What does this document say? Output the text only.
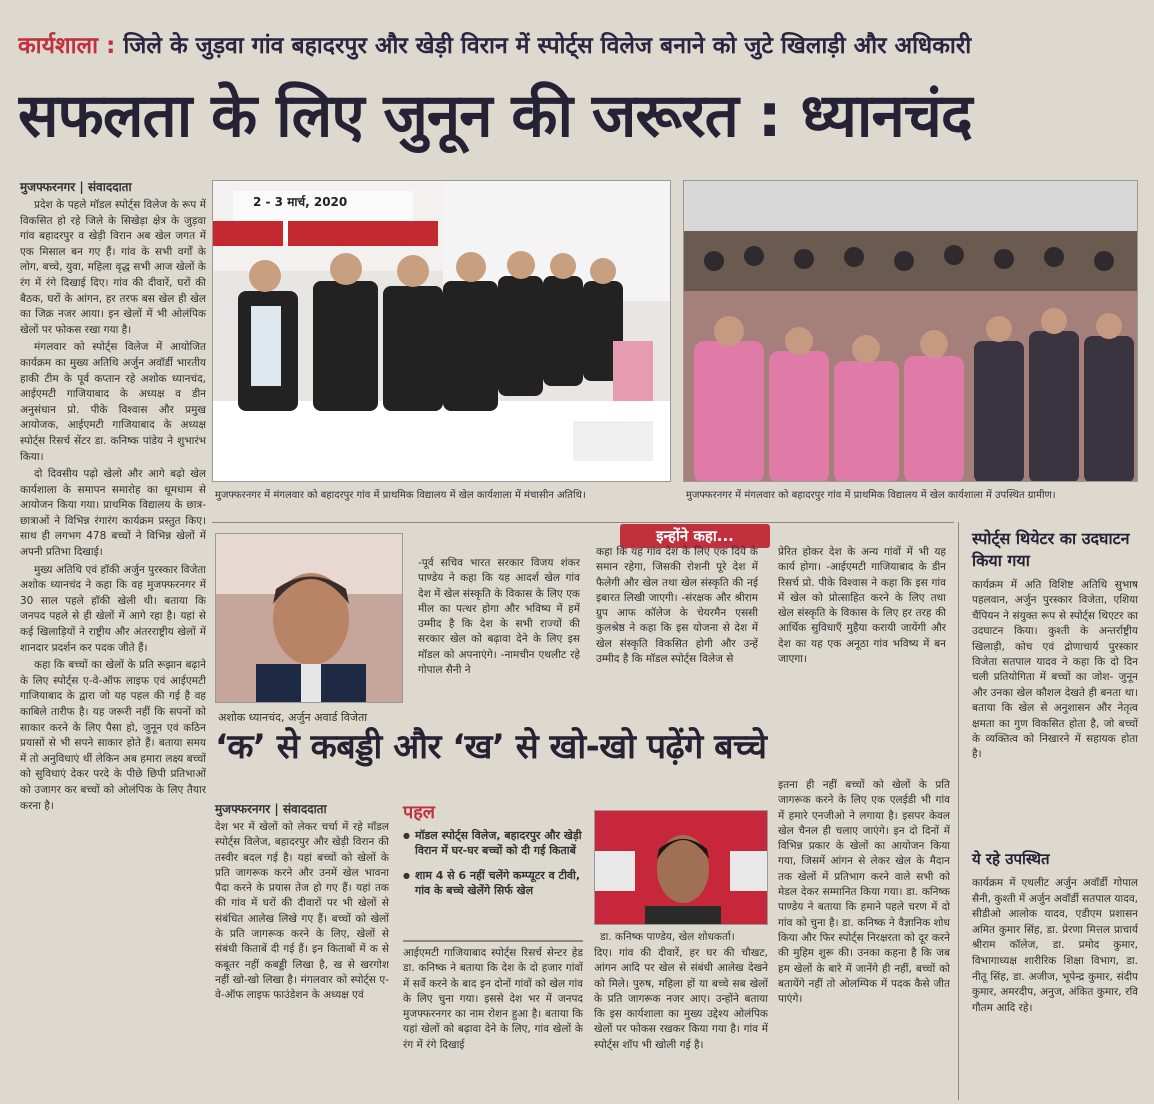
कार्यशाला : जिले के जुड़वा गांव बहादरपुर और खेड़ी विरान में स्पोर्ट्स विलेज बनाने को जुटे खिलाड़ी और अधिकारी
सफलता के लिए जुनून की जरूरत : ध्यानचंद
मुजफ्फरनगर | संवाददाता

प्रदेश के पहले मॉडल स्पोर्ट्स विलेज के रूप में विकसित हो रहे जिले के सिखेड़ा क्षेत्र के जुड़वा गांव बहादरपुर व खेड़ी विरान अब खेल जगत में एक मिसाल बन गए हैं। गांव के सभी वर्गों के लोग, बच्चे, युवा, महिला वृद्ध सभी आज खेलों के रंग में रंगे दिखाई दिए। गांव की दीवारें, घरों की बैठक, घरों के आंगन, हर तरफ बस खेल ही खेल का जिक्र नजर आया। इन खेलों में भी ओलंपिक खेलों पर फोकस रखा गया है।

मंगलवार को स्पोर्ट्स विलेज में आयोजित कार्यक्रम का मुख्य अतिथि अर्जुन अवॉर्डी भारतीय हाकी टीम के पूर्व कप्तान रहे अशोक ध्यानचंद, आईएमटी गाजियाबाद के अध्यक्ष व डीन अनुसंधान प्रो. पीके विश्वास और प्रमुख आयोजक, आईएमटी गाजियाबाद के अध्यक्ष स्पोर्ट्स रिसर्च सेंटर डा. कनिष्क पांडेय ने शुभारंभ किया।

दो दिवसीय पढ़ो खेलो और आगे बढ़ो खेल कार्यशाला के समापन समारोह का धूमधाम से आयोजन किया गया। प्राथमिक विद्यालय के छात्र-छात्राओं ने विभिन्न रंगारंग कार्यक्रम प्रस्तुत किए। साथ ही लगभग 478 बच्चों ने विभिन्न खेलों में अपनी प्रतिभा दिखाई।

मुख्य अतिथि एवं हॉकी अर्जुन पुरस्कार विजेता अशोक ध्यानचंद ने कहा कि वह मुजफ्फरनगर में 30 साल पहले हॉकी खेली थी। बताया कि जनपद पहले से ही खेलों में आगे रहा है। यहां से कई खिलाड़ियों ने राष्ट्रीय और अंतरराष्ट्रीय खेलों में शानदार प्रदर्शन कर पदक जीते हैं।

कहा कि बच्चों का खेलों के प्रति रूझान बढ़ाने के लिए स्पोर्ट्स ए-वे-ऑफ लाइफ एवं आईएमटी गाजियाबाद के द्वारा जो यह पहल की गई है वह काबिले तारीफ है। यह जरूरी नहीं कि सपनों को साकार करने के लिए पैसा हो, जुनून एवं कठिन प्रयासों से भी सपने साकार होते हैं। बताया समय में तो अनुविधाएं थीं लेकिन अब हमारा लक्ष्य बच्चों को सुविधाएं देकर परदे के पीछे छिपी प्रतिभाओं को उजागर कर बच्चों को ओलंपिक के लिए तैयार करना है।

2 - 3 मार्च, 2020
मुजफ्फरनगर में मंगलवार को बहादरपुर गांव में प्राथमिक विद्यालय में खेल कार्यशाला में मंचासीन अतिथि।	मुजफ्फरनगर में मंगलवार को बहादरपुर गांव में प्राथमिक विद्यालय में खेल कार्यशाला में उपस्थित ग्रामीण।
इन्होंने कहा...
अशोक ध्यानचंद, अर्जुन अवार्ड विजेता
-पूर्व सचिव भारत सरकार विजय शंकर पाण्डेय ने कहा कि यह आदर्श खेल गांव देश में खेल संस्कृति के विकास के लिए एक मील का पत्थर होगा और भविष्य में हमें उम्मीद है कि देश के सभी राज्यों की सरकार खेल को बढ़ावा देने के लिए इस मॉडल को अपनाएंगे। -नामचीन एथलीट रहे गोपाल सैनी ने
कहा कि यह गांव देश के लिए एक दिये के समान रहेगा, जिसकी रोशनी पूरे देश में फैलेगी और खेल तथा खेल संस्कृति की नई इबारत लिखी जाएगी। -संरक्षक और श्रीराम ग्रुप आफ कॉलेज के चेयरमैन एससी कुलश्रेष्ठ ने कहा कि इस योजना से देश में खेल संस्कृति विकसित होगी और उन्हें उम्मीद है कि मॉडल स्पोर्ट्स विलेज से
प्रेरित होकर देश के अन्य गांवों में भी यह कार्य होगा। -आईएमटी गाजियाबाद के डीन रिसर्च प्रो. पीके विश्वास ने कहा कि इस गांव में खेल को प्रोत्साहित करने के लिए तथा खेल संस्कृति के विकास के लिए हर तरह की आर्थिक सुविधाएँ मुहैया करायी जायेंगी और देश का यह एक अनूठा गांव भविष्य में बन जाएगा।
स्पोर्ट्स थियेटर का उदघाटन किया गया
कार्यक्रम में अति विशिष्ट अतिथि सुभाष पहलवान, अर्जुन पुरस्कार विजेता, एशिया चैंपियन ने संयुक्त रूप से स्पोर्ट्स थिएटर का उदघाटन किया। कुश्ती के अन्तर्राष्ट्रीय खिलाड़ी, कोच एवं द्रोणाचार्य पुरस्कार विजेता सतपाल यादव ने कहा कि दो दिन चली प्रतियोगिता में बच्चों का जोश- जुनून और उनका खेल कौशल देखते ही बनता था। बताया कि खेल से अनुशासन और नेतृत्व क्षमता का गुण विकसित होता है, जो बच्चों के व्यक्तित्व को निखारने में सहायक होता है।
ये रहे उपस्थित
कार्यक्रम में एथलीट अर्जुन अवॉर्डी गोपाल सैनी, कुश्ती में अर्जुन अवॉर्डी सतपाल यादव, सीडीओ आलोक यादव, एडीएम प्रशासन अमित कुमार सिंह, डा. प्रेरणा मित्तल प्राचार्य श्रीराम कॉलेज, डा. प्रमोद कुमार, विभागाध्यक्ष शारीरिक शिक्षा विभाग, डा. नीतू सिंह, डा. अजीज, भूपेन्द्र कुमार, संदीप कुमार, अमरदीप, अनुज, अंकित कुमार, रवि गौतम आदि रहे।
‘क’ से कबड्डी और ‘ख’ से खो-खो पढ़ेंगे बच्चे
मुजफ्फरनगर | संवाददाता
देश भर में खेलों को लेकर चर्चा में रहे मॉडल स्पोर्ट्स विलेज, बहादरपुर और खेड़ी विरान की तस्वीर बदल गई है। यहां बच्चों को खेलों के प्रति जागरूक करने और उनमें खेल भावना पैदा करने के प्रयास तेज हो गए हैं। यहां तक की गांव में घरों की दीवारों पर भी खेलों से संबंधित आलेख लिखे गए हैं। बच्चों को खेलों के प्रति जागरूक करने के लिए, खेलों से संबंधी किताबें दी गई हैं। इन किताबों में क से कबूतर नहीं कबड्डी लिखा है, ख से खरगोश नहीं खो-खो लिखा है। मंगलवार को स्पोर्ट्स ए-वे-ऑफ लाइफ फाउंडेशन के अध्यक्ष एवं
पहल
● मॉडल स्पोर्ट्स विलेज, बहादरपुर और खेड़ी विरान में घर-घर बच्चों को दी गई किताबें
● शाम 4 से 6 नहीं चलेंगे कम्प्यूटर व टीवी, गांव के बच्चे खेलेंगे सिर्फ खेल
आईएमटी गाजियाबाद स्पोर्ट्स रिसर्च सेन्टर हेड डा. कनिष्क ने बताया कि देश के दो हजार गांवों में सर्वे करने के बाद इन दोनों गांवों को खेल गांव के लिए चुना गया। इससे देश भर में जनपद मुजफ्फरनगर का नाम रोशन हुआ है। बताया कि यहां खेलों को बढ़ावा देने के लिए, गांव खेलों के रंग में रंगे दिखाई
डा. कनिष्क पाण्डेय, खेल शोधकर्ता।
दिए। गांव की दीवारें, हर घर की चौखट, आंगन आदि पर खेल से संबंधी आलेख देखने को मिले। पुरुष, महिला हों या बच्चे सब खेलों के प्रति जागरूक नजर आए। उन्होंने बताया कि इस कार्यशाला का मुख्य उद्देश्य ओलंपिक खेलों पर फोकस रखकर किया गया है। गांव में स्पोर्ट्स शॉप भी खोली गई है।
इतना ही नहीं बच्चों को खेलों के प्रति जागरूक करने के लिए एक एलईडी भी गांव में हमारे एनजीओ ने लगाया है। इसपर केवल खेल चैनल ही चलाए जाएंगे। इन दो दिनों में विभिन्न प्रकार के खेलों का आयोजन किया गया, जिसमें आंगन से लेकर खेल के मैदान तक खेलों में प्रतिभाग करने वाले सभी को मेडल देकर सम्मानित किया गया। डा. कनिष्क पाण्डेय ने बताया कि हमाने पहले चरण में दो गांव को चुना है। डा. कनिष्क ने वैज्ञानिक शोध किया और फिर स्पोर्ट्स निरक्षरता को दूर करने की मुहिम शुरू की। उनका कहना है कि जब हम खेलों के बारे में जानेंगे ही नहीं, बच्चों को बतायेंगे नहीं तो ओलम्पिक में पदक कैसे जीत पाएंगे।
